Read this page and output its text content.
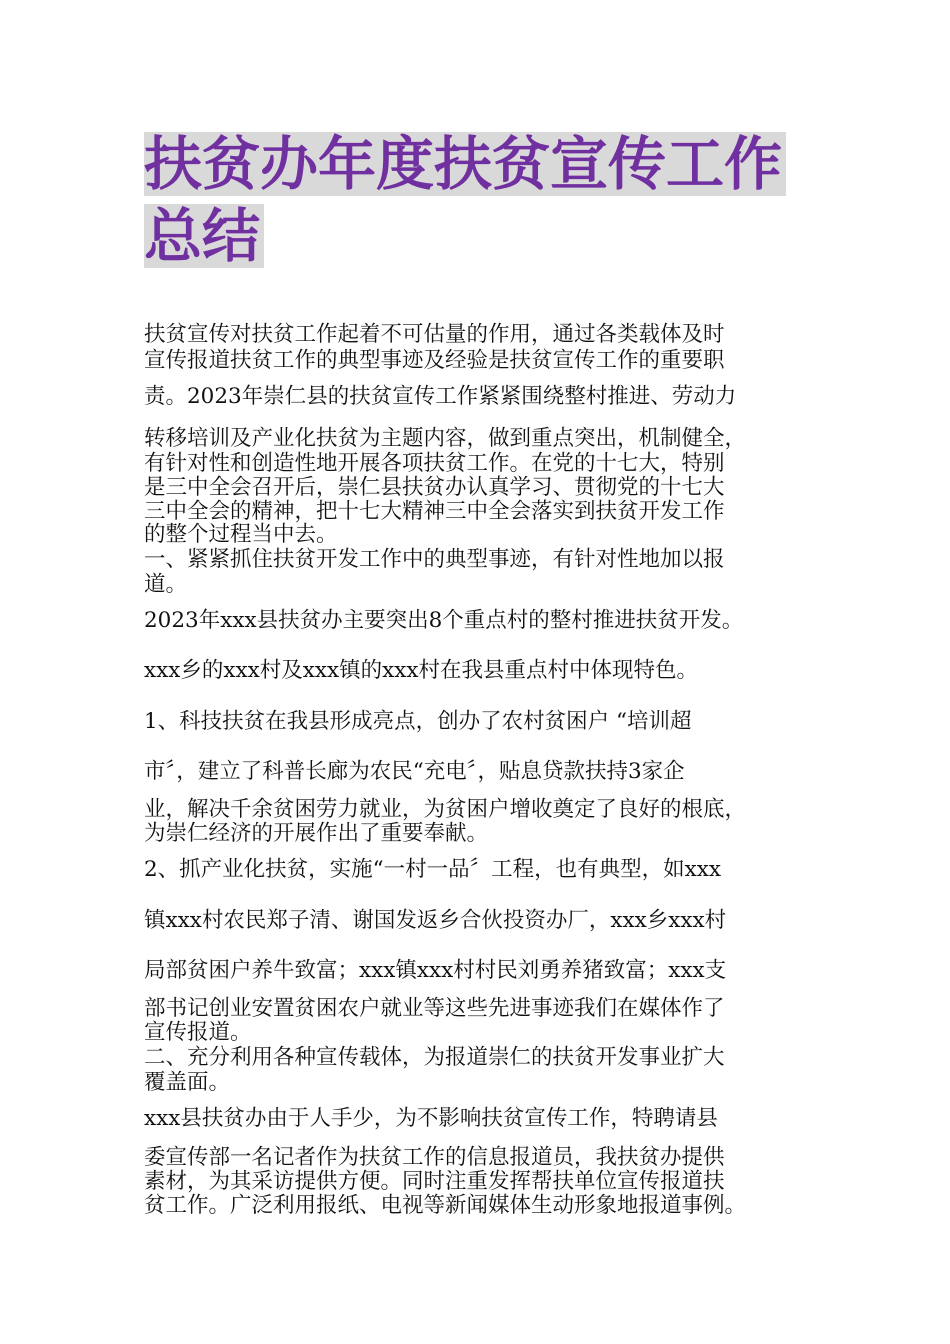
扶贫办年度扶贫宣传工作
总结

扶贫宣传对扶贫工作起着不可估量的作用，通过各类载体及时

宣传报道扶贫工作的典型事迹及经验是扶贫宣传工作的重要职

责。2023年崇仁县的扶贫宣传工作紧紧围绕整村推进、劳动力

转移培训及产业化扶贫为主题内容，做到重点突出，机制健全，

有针对性和创造性地开展各项扶贫工作。在党的十七大，特别

是三中全会召开后，崇仁县扶贫办认真学习、贯彻党的十七大

三中全会的精神，把十七大精神三中全会落实到扶贫开发工作

的整个过程当中去。

一、紧紧抓住扶贫开发工作中的典型事迹，有针对性地加以报

道。

2023年xxx县扶贫办主要突出8个重点村的整村推进扶贫开发。

xxx乡的xxx村及xxx镇的xxx村在我县重点村中体现特色。

1、科技扶贫在我县形成亮点，创办了农村贫困户 “培训超

市〞，建立了科普长廊为农民“充电〞，贴息贷款扶持3家企

业，解决千余贫困劳力就业，为贫困户增收奠定了良好的根底，

为崇仁经济的开展作出了重要奉献。

2、抓产业化扶贫，实施“一村一品〞工程，也有典型，如xxx

镇xxx村农民郑子清、谢国发返乡合伙投资办厂，xxx乡xxx村

局部贫困户养牛致富；xxx镇xxx村村民刘勇养猪致富；xxx支

部书记创业安置贫困农户就业等这些先进事迹我们在媒体作了

宣传报道。

二、充分利用各种宣传载体，为报道崇仁的扶贫开发事业扩大

覆盖面。

xxx县扶贫办由于人手少，为不影响扶贫宣传工作，特聘请县

委宣传部一名记者作为扶贫工作的信息报道员，我扶贫办提供

素材，为其采访提供方便。同时注重发挥帮扶单位宣传报道扶

贫工作。广泛利用报纸、电视等新闻媒体生动形象地报道事例。
